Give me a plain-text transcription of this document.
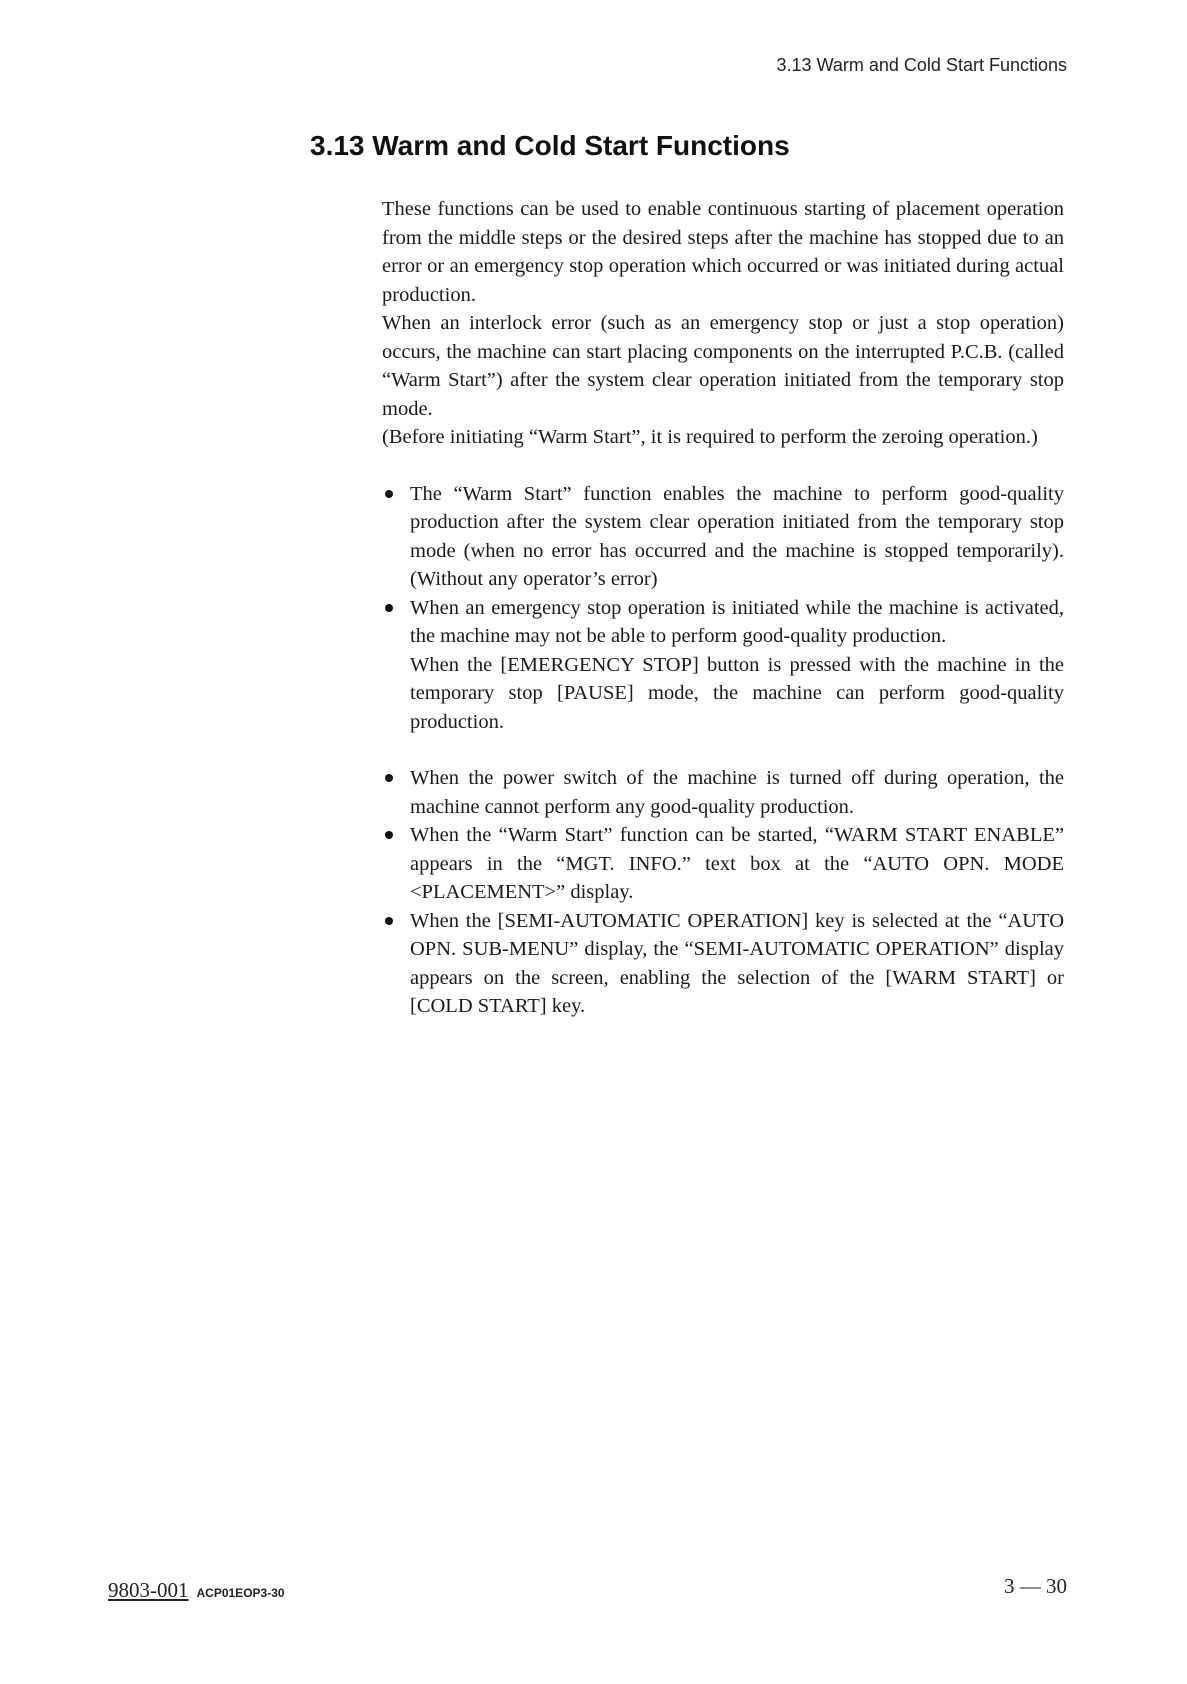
3.13 Warm and Cold Start Functions
3.13 Warm and Cold Start Functions

These functions can be used to enable continuous starting of placement operation from the middle steps or the desired steps after the machine has stopped due to an error or an emergency stop operation which occurred or was initiated during actual production.

When an interlock error (such as an emergency stop or just a stop operation) occurs, the machine can start placing components on the interrupted P.C.B. (called “Warm Start”) after the system clear operation initiated from the temporary stop mode.

(Before initiating “Warm Start”, it is required to perform the zeroing operation.)

The “Warm Start” function enables the machine to perform good-quality production after the system clear operation initiated from the temporary stop mode (when no error has occurred and the machine is stopped temporarily). (Without any operator’s error)

When an emergency stop operation is initiated while the machine is activated, the machine may not be able to perform good-quality production.

When the [EMERGENCY STOP] button is pressed with the machine in the temporary stop [PAUSE] mode, the machine can perform good-quality production.

When the power switch of the machine is turned off during operation, the machine cannot perform any good-quality production.

When the “Warm Start” function can be started, “WARM START ENABLE” appears in the “MGT. INFO.” text box at the “AUTO OPN. MODE <PLACEMENT>” display.

When the [SEMI-AUTOMATIC OPERATION] key is selected at the “AUTO OPN. SUB-MENU” display, the “SEMI-AUTOMATIC OPERATION” display appears on the screen, enabling the selection of the [WARM START] or [COLD START] key.

9803-001 ACP01EOP3-30	3 — 30
